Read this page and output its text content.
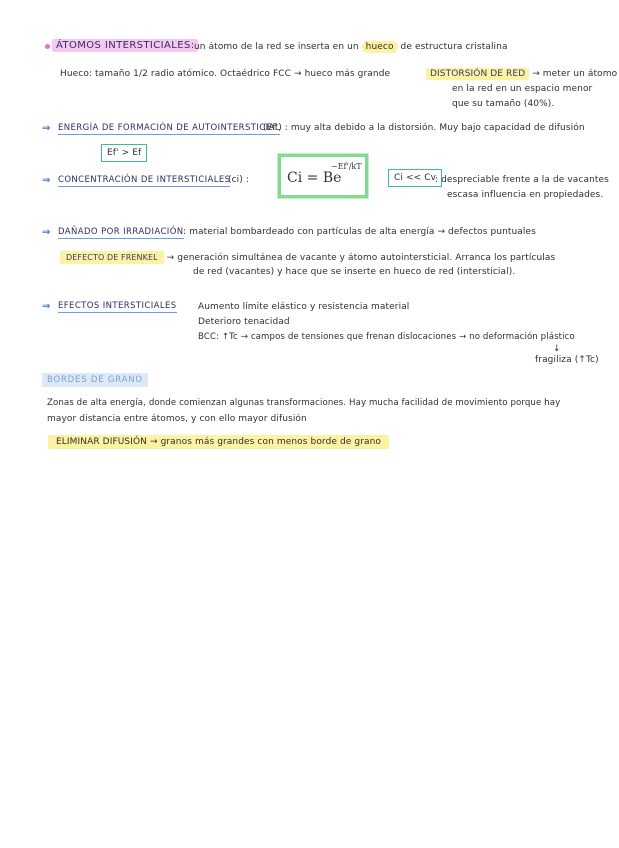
ÁTOMOS INTERSTICIALES: un átomo de la red se inserta en un hueco de estructura cristalina
Hueco: tamaño 1/2 radio atómico. Octaédrico FCC → hueco más grande	DISTORSIÓN DE RED → meter un átomo
en la red en un espacio menor
que su tamaño (40%).
⇒ ENERGÍA DE FORMACIÓN DE AUTOINTERSTICIAL
(Ef') : muy alta debido a la distorsión. Muy bajo capacidad de difusión
Ef' > Ef
⇒ CONCENTRACIÓN DE INTERSTICIALES
(ci) :	Ci = Be
−Ef'/kT
Ci << Cv : despreciable frente a la de vacantes
escasa influencia en propiedades.
⇒ DAÑADO POR IRRADIACIÓN : material bombardeado con partículas de alta energía → defectos puntuales
DEFECTO DE FRENKEL → generación simultánea de vacante y átomo autointersticial. Arranca los partículas
de red (vacantes) y hace que se inserte en hueco de red (intersticial).
⇒ EFECTOS INTERSTICIALES Aumento límite elástico y resistencia material
Deterioro tenacidad
BCC: ↑Tc → campos de tensiones que frenan dislocaciones → no deformación plástico
↓
fragiliza (↑Tc)
BORDES DE GRANO
Zonas de alta energía, donde comienzan algunas transformaciones. Hay mucha facilidad de movimiento porque hay
mayor distancia entre átomos, y con ello mayor difusión
ELIMINAR DIFUSIÓN → granos más grandes con menos borde de grano
